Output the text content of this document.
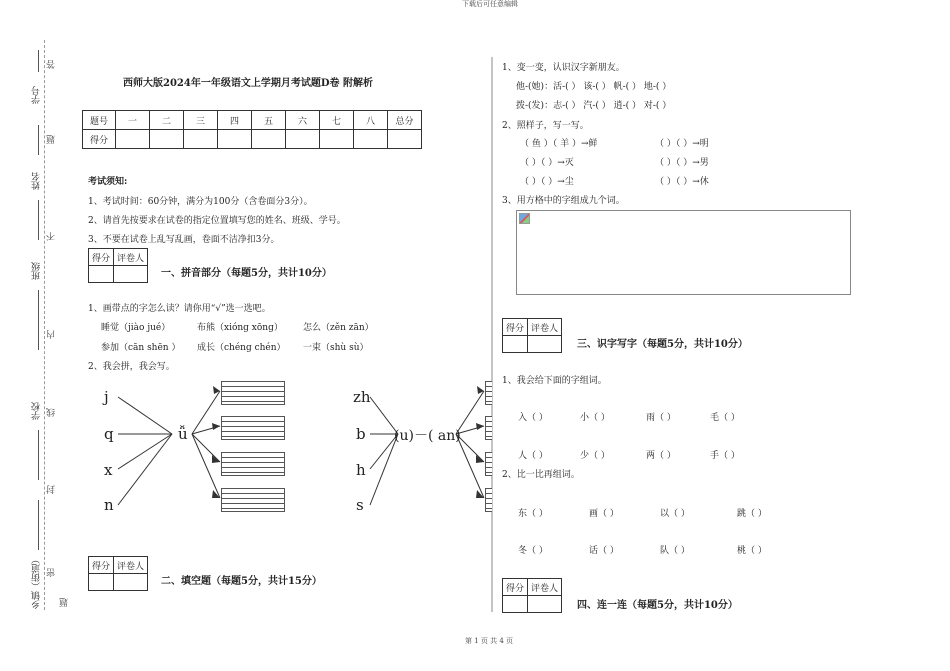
下载后可任意编辑
第 1 页 共 4 页
学号
姓名
班级
学校
乡镇（街道）
答
题
不
内
线
封
密
题
西师大版2024年一年级语文上学期月考试题D卷 附解析
题号	一	二	三	四	五	六	七	八	总分
得分									
考试须知:
1、考试时间：60分钟，满分为100分（含卷面分3分）。
2、请首先按要求在试卷的指定位置填写您的姓名、班级、学号。
3、不要在试卷上乱写乱画，卷面不洁净扣3分。
得分	评卷人

一、拼音部分（每题5分，共计10分）
1、画带点的字怎么读？请你用“√”选一选吧。
睡觉（jiào jué）	布熊（xióng xōng） 怎么（zěn zān）
参加（cān shēn ） 成长（chéng chén） 一束（shù sù）
2、我会拼，我会写。
j
q
x
n
ǚ
zh
b
h
s
(u)－( an)
得分	评卷人

二、填空题（每题5分，共计15分）
1、变一变，认识汉字新朋友。
他-(她)：活-( ） 该-( ） 帆-( ） 地-( ）
拨-(发)：志-( ） 汽-( ） 逍-( ） 对-( ）
2、照样子，写一写。
（ 鱼 ）（ 羊 ）→鲜	（ ）（ ）→明
（ ）（ ）→灭	（ ）（ ）→男
（ ）（ ）→尘	（ ）（ ）→休
3、用方格中的字组成九个词。
得分	评卷人

三、识字写字（每题5分，共计10分）
1、我会给下面的字组词。
入（ ）	小（ ）	雨（ ）	毛（ ）
人（ ）	少（ ）	两（ ）	手（ ）
2、比一比再组词。
东（ ）	画（ ）	以（ ）	跳（ ）
冬（ ）	话（ ）	队（ ）	桃（ ）
得分	评卷人

四、连一连（每题5分，共计10分）
